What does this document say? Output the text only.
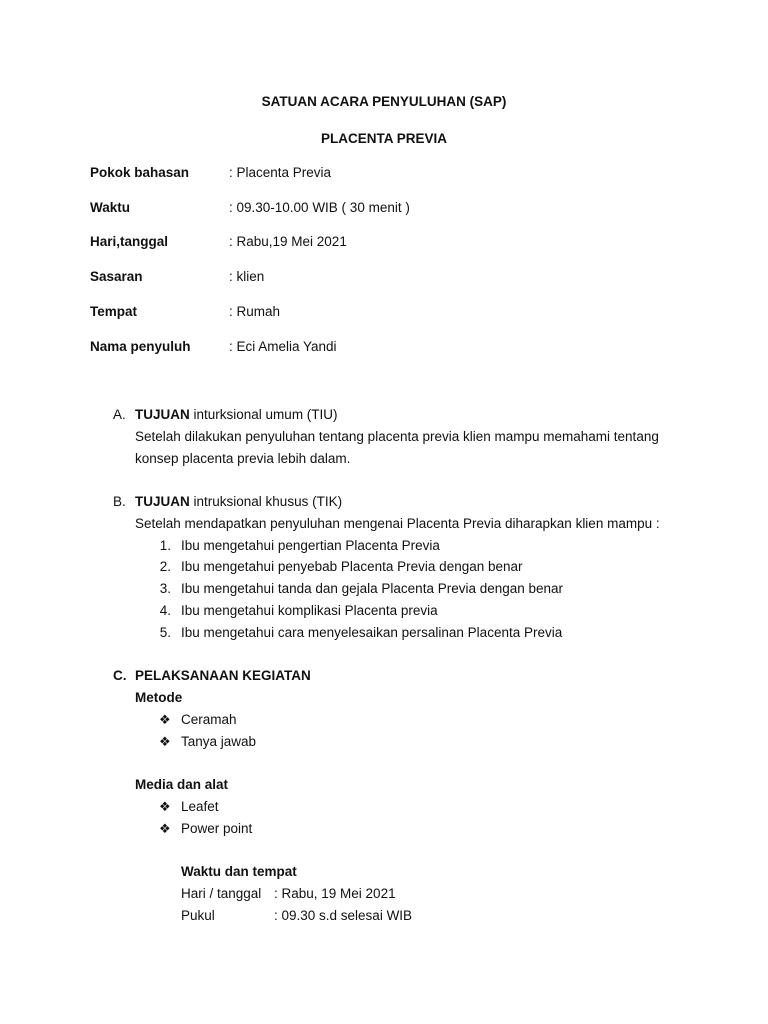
SATUAN ACARA PENYULUHAN (SAP)
PLACENTA PREVIA
Pokok bahasan	: Placenta Previa
Waktu	: 09.30-10.00 WIB ( 30 menit )
Hari,tanggal	: Rabu,19 Mei 2021
Sasaran	: klien
Tempat	: Rumah
Nama penyuluh	: Eci Amelia Yandi
A. TUJUAN inturksional umum (TIU)
Setelah dilakukan penyuluhan tentang placenta previa klien mampu memahami tentang
konsep placenta previa lebih dalam.
B. TUJUAN intruksional khusus (TIK)
Setelah mendapatkan penyuluhan mengenai Placenta Previa diharapkan klien mampu :
1. Ibu mengetahui pengertian Placenta Previa
2. Ibu mengetahui penyebab Placenta Previa dengan benar
3. Ibu mengetahui tanda dan gejala Placenta Previa dengan benar
4. Ibu mengetahui komplikasi Placenta previa
5. Ibu mengetahui cara menyelesaikan persalinan Placenta Previa
C. PELAKSANAAN KEGIATAN
Metode
❖ Ceramah
❖ Tanya jawab
Media dan alat
❖ Leafet
❖ Power point
Waktu dan tempat
Hari / tanggal : Rabu, 19 Mei 2021
Pukul	: 09.30 s.d selesai WIB
